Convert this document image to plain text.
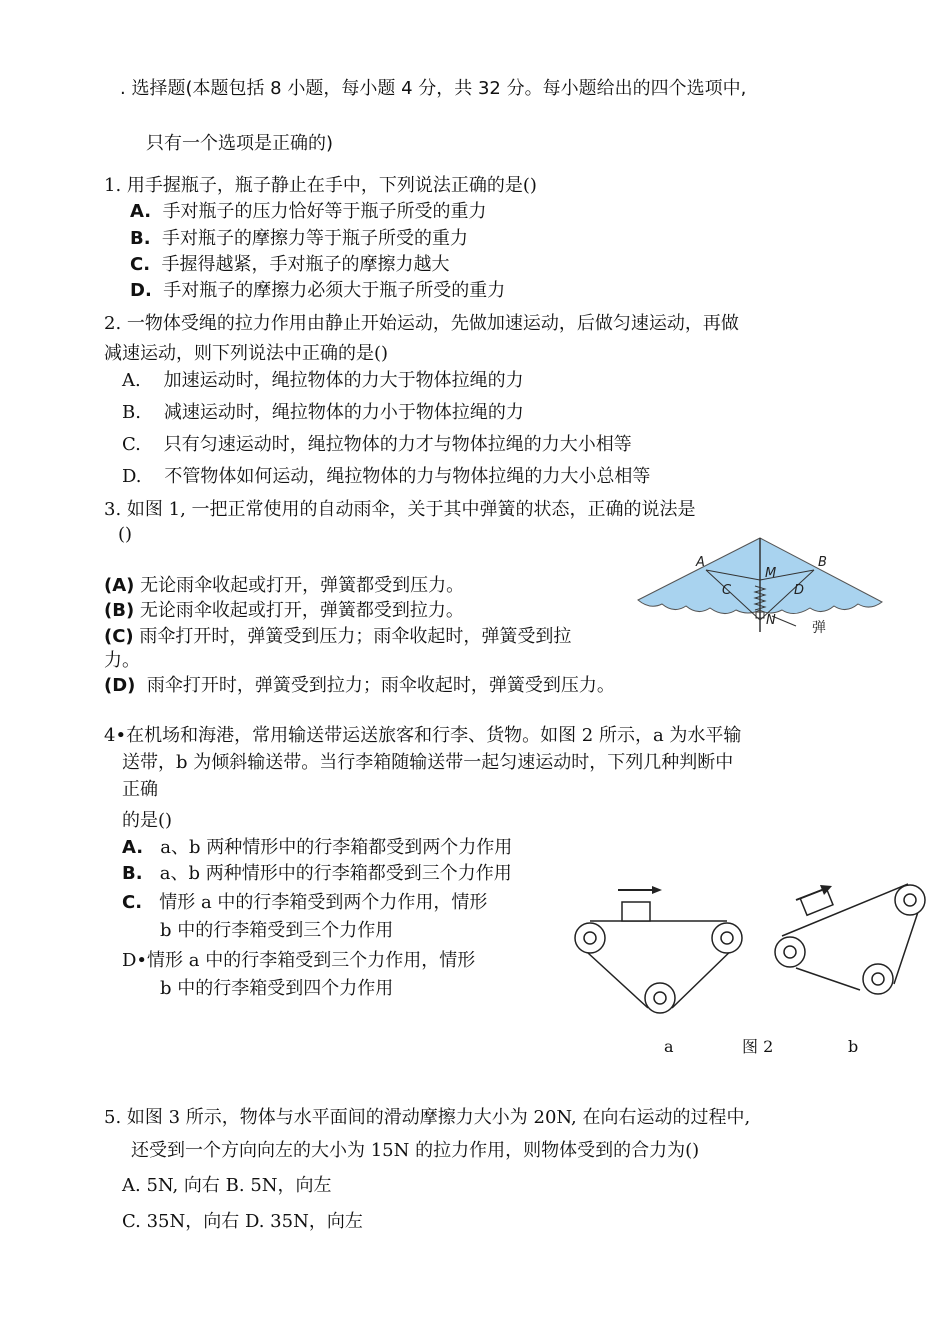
. 选择题(本题包括 8 小题，每小题 4 分，共 32 分。每小题给出的四个选项中,
只有一个选项是正确的)
1. 用手握瓶子，瓶子静止在手中，下列说法正确的是()
A. 手对瓶子的压力恰好等于瓶子所受的重力
B. 手对瓶子的摩擦力等于瓶子所受的重力
C. 手握得越紧，手对瓶子的摩擦力越大
D. 手对瓶子的摩擦力必须大于瓶子所受的重力
2. 一物体受绳的拉力作用由静止开始运动，先做加速运动，后做匀速运动，再做
减速运动，则下列说法中正确的是()
A. 加速运动时，绳拉物体的力大于物体拉绳的力
B. 减速运动时，绳拉物体的力小于物体拉绳的力
C. 只有匀速运动时，绳拉物体的力才与物体拉绳的力大小相等
D. 不管物体如何运动，绳拉物体的力与物体拉绳的力大小总相等
3. 如图 1, 一把正常使用的自动雨伞，关于其中弹簧的状态，正确的说法是
()
(A) 无论雨伞收起或打开，弹簧都受到压力。
(B) 无论雨伞收起或打开，弹簧都受到拉力。
(C) 雨伞打开时，弹簧受到压力；雨伞收起时，弹簧受到拉
力。
(D) 雨伞打开时，弹簧受到拉力；雨伞收起时，弹簧受到压力。
A	B
M
C	D
N	弹
4•在机场和海港，常用输送带运送旅客和行李、货物。如图 2 所示，a 为水平输
送带，b 为倾斜输送带。当行李箱随输送带一起匀速运动时，下列几种判断中
正确
的是()
A. a、b 两种情形中的行李箱都受到两个力作用
B. a、b 两种情形中的行李箱都受到三个力作用
C. 情形 a 中的行李箱受到两个力作用，情形
b 中的行李箱受到三个力作用
D•情形 a 中的行李箱受到三个力作用，情形
b 中的行李箱受到四个力作用
a	图 2	b
5. 如图 3 所示，物体与水平面间的滑动摩擦力大小为 20N, 在向右运动的过程中,
还受到一个方向向左的大小为 15N 的拉力作用，则物体受到的合力为()
A. 5N, 向右 B. 5N，向左
C. 35N，向右 D. 35N，向左
